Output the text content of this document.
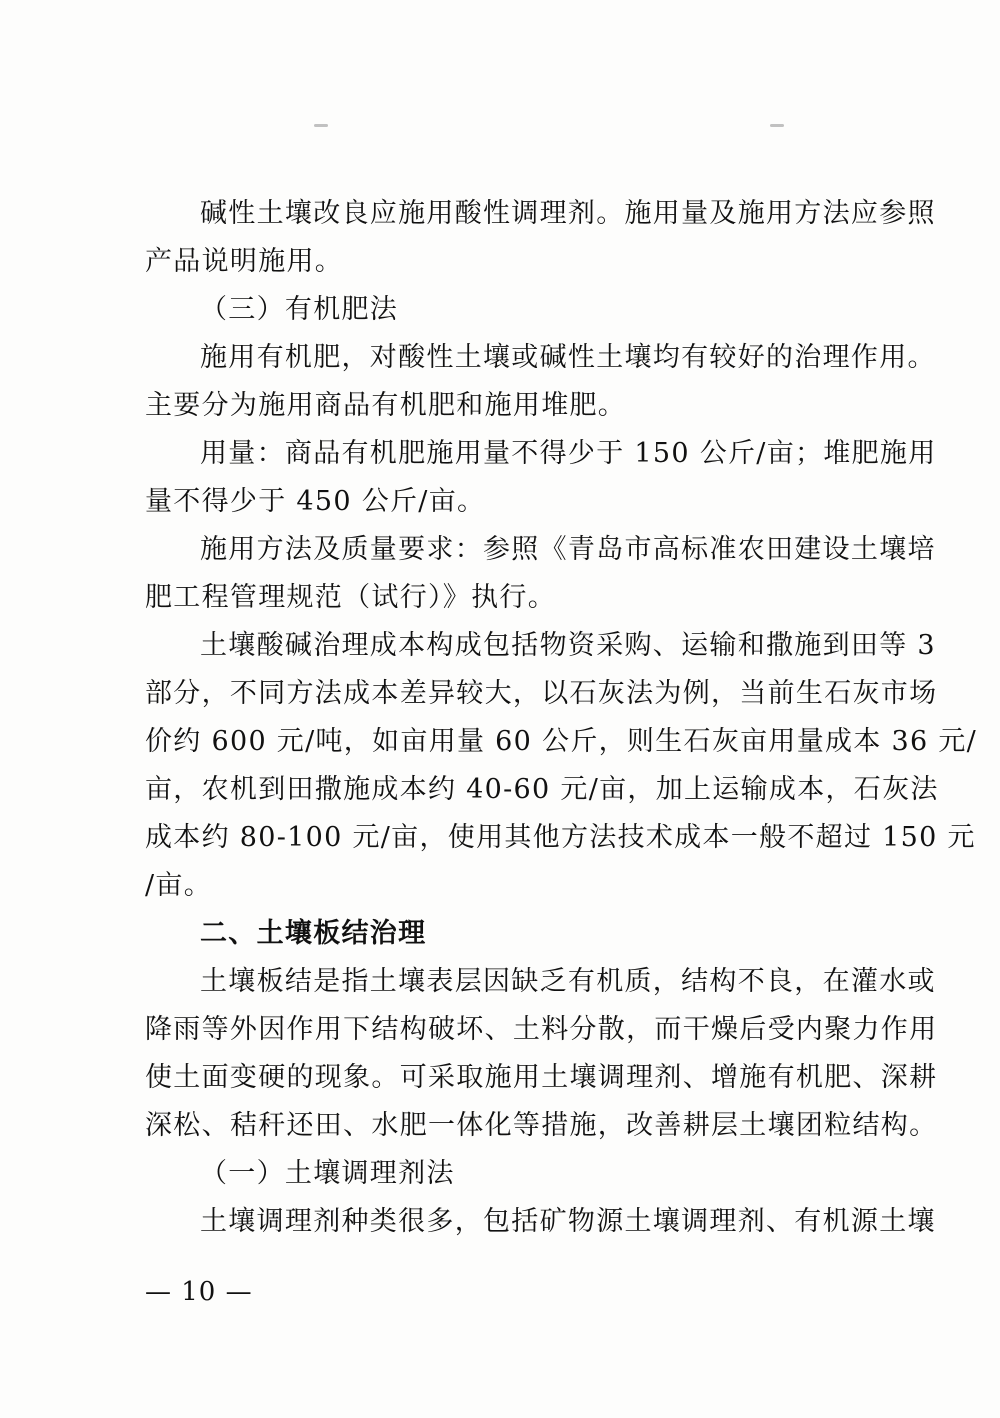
碱性土壤改良应施用酸性调理剂。施用量及施用方法应参照
产品说明施用。
（三）有机肥法
施用有机肥，对酸性土壤或碱性土壤均有较好的治理作用。
主要分为施用商品有机肥和施用堆肥。
用量：商品有机肥施用量不得少于 150 公斤/亩；堆肥施用
量不得少于 450 公斤/亩。
施用方法及质量要求：参照《青岛市高标准农田建设土壤培
肥工程管理规范（试行）》执行。
土壤酸碱治理成本构成包括物资采购、运输和撒施到田等 3
部分，不同方法成本差异较大，以石灰法为例，当前生石灰市场
价约 600 元/吨，如亩用量 60 公斤，则生石灰亩用量成本 36 元/
亩，农机到田撒施成本约 40-60 元/亩，加上运输成本，石灰法
成本约 80-100 元/亩，使用其他方法技术成本一般不超过 150 元
/亩。
二、土壤板结治理
土壤板结是指土壤表层因缺乏有机质，结构不良，在灌水或
降雨等外因作用下结构破坏、土料分散，而干燥后受内聚力作用
使土面变硬的现象。可采取施用土壤调理剂、增施有机肥、深耕
深松、秸秆还田、水肥一体化等措施，改善耕层土壤团粒结构。
（一）土壤调理剂法
土壤调理剂种类很多，包括矿物源土壤调理剂、有机源土壤
— 10 —
